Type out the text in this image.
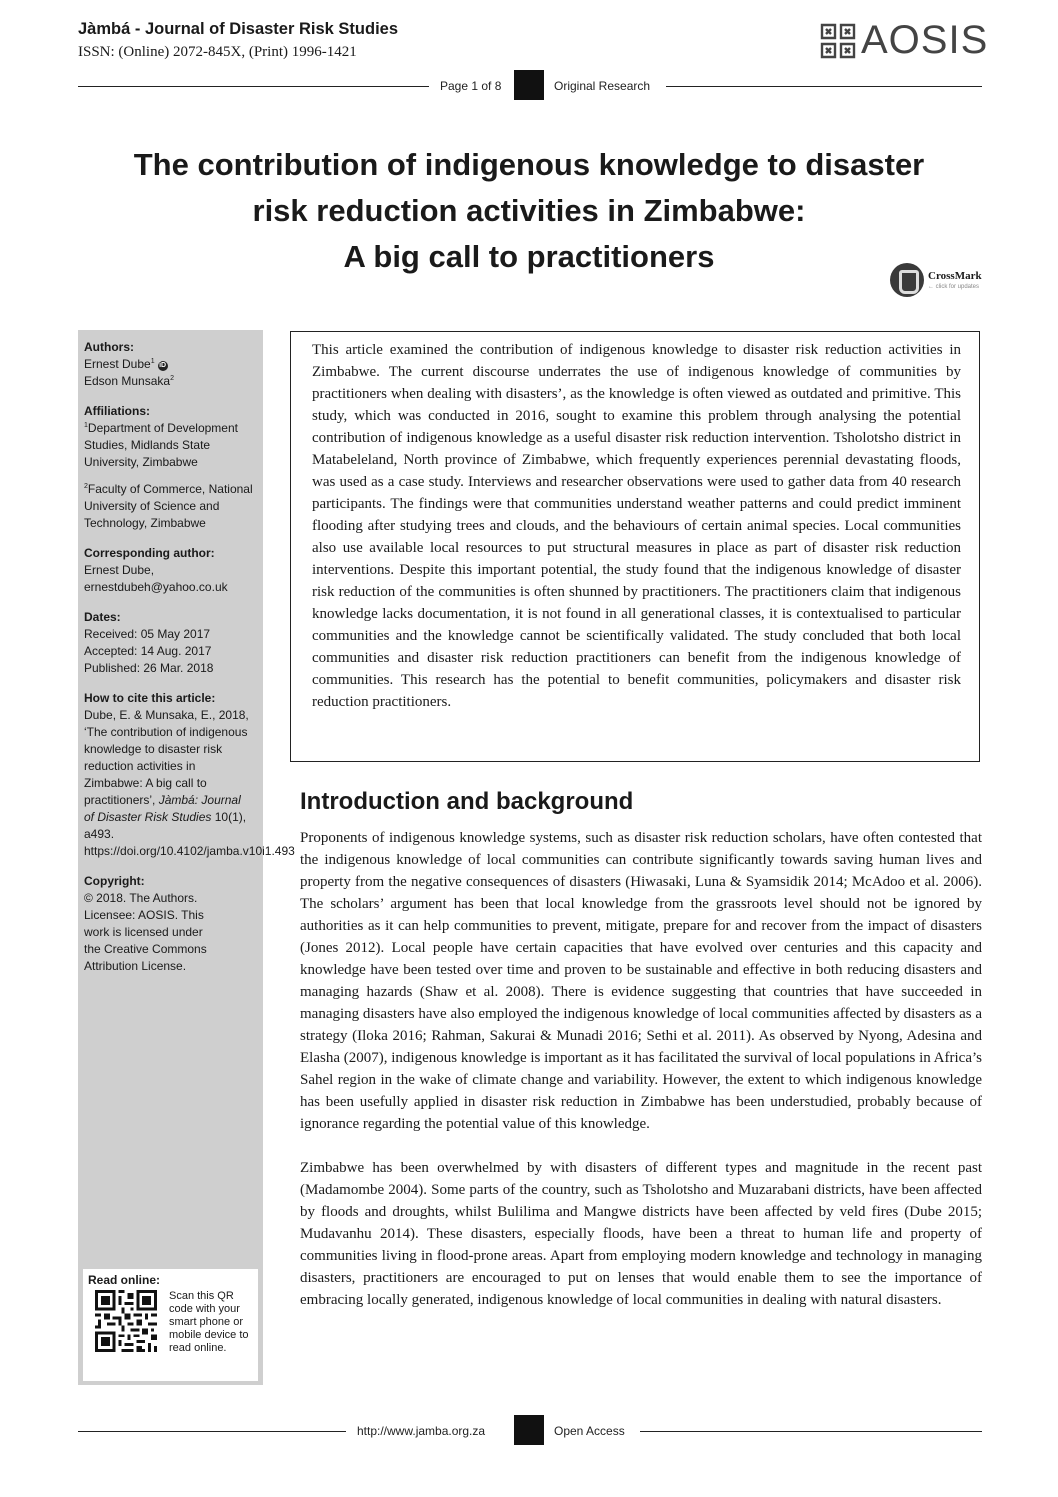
Jàmbá - Journal of Disaster Risk Studies
ISSN: (Online) 2072-845X, (Print) 1996-1421	AOSIS
Page 1 of 8	Original Research
The contribution of indigenous knowledge to disaster
risk reduction activities in Zimbabwe:
A big call to practitioners
CrossMark
← click for updates
Authors:
Ernest Dube$^1$iD
Edson Munsaka$^2$
Affiliations:
$^1$Department of Development Studies, Midlands State University, Zimbabwe
$^2$Faculty of Commerce, National University of Science and Technology, Zimbabwe
Corresponding author:
Ernest Dube,
ernestdubeh@yahoo.co.uk
Dates:
Received: 05 May 2017
Accepted: 14 Aug. 2017
Published: 26 Mar. 2018
How to cite this article:
Dube, E. & Munsaka, E., 2018, ‘The contribution of indigenous knowledge to disaster risk reduction activities in Zimbabwe: A big call to practitioners’, Jàmbá: Journal of Disaster Risk Studies 10(1), a493. https://doi.org/10.4102/jamba.v10i1.493
Copyright:
© 2018. The Authors. Licensee: AOSIS. This work is licensed under the Creative Commons Attribution License.
Read online:
Scan this QR code with your smart phone or mobile device to read online.
This article examined the contribution of indigenous knowledge to disaster risk reduction activities in Zimbabwe. The current discourse underrates the use of indigenous knowledge of communities by practitioners when dealing with disasters’, as the knowledge is often viewed as outdated and primitive. This study, which was conducted in 2016, sought to examine this problem through analysing the potential contribution of indigenous knowledge as a useful disaster risk reduction intervention. Tsholotsho district in Matabeleland, North province of Zimbabwe, which frequently experiences perennial devastating floods, was used as a case study. Interviews and researcher observations were used to gather data from 40 research participants. The findings were that communities understand weather patterns and could predict imminent flooding after studying trees and clouds, and the behaviours of certain animal species. Local communities also use available local resources to put structural measures in place as part of disaster risk reduction interventions. Despite this important potential, the study found that the indigenous knowledge of disaster risk reduction of the communities is often shunned by practitioners. The practitioners claim that indigenous knowledge lacks documentation, it is not found in all generational classes, it is contextualised to particular communities and the knowledge cannot be scientifically validated. The study concluded that both local communities and disaster risk reduction practitioners can benefit from the indigenous knowledge of communities. This research has the potential to benefit communities, policymakers and disaster risk reduction practitioners.
Introduction and background

Proponents of indigenous knowledge systems, such as disaster risk reduction scholars, have often contested that the indigenous knowledge of local communities can contribute significantly towards saving human lives and property from the negative consequences of disasters (Hiwasaki, Luna & Syamsidik 2014; McAdoo et al. 2006). The scholars’ argument has been that local knowledge from the grassroots level should not be ignored by authorities as it can help communities to prevent, mitigate, prepare for and recover from the impact of disasters (Jones 2012). Local people have certain capacities that have evolved over centuries and this capacity and knowledge have been tested over time and proven to be sustainable and effective in both reducing disasters and managing hazards (Shaw et al. 2008). There is evidence suggesting that countries that have succeeded in managing disasters have also employed the indigenous knowledge of local communities affected by disasters as a strategy (Iloka 2016; Rahman, Sakurai & Munadi 2016; Sethi et al. 2011). As observed by Nyong, Adesina and Elasha (2007), indigenous knowledge is important as it has facilitated the survival of local populations in Africa’s Sahel region in the wake of climate change and variability. However, the extent to which indigenous knowledge has been usefully applied in disaster risk reduction in Zimbabwe has been understudied, probably because of ignorance regarding the potential value of this knowledge.

Zimbabwe has been overwhelmed by with disasters of different types and magnitude in the recent past (Madamombe 2004). Some parts of the country, such as Tsholotsho and Muzarabani districts, have been affected by floods and droughts, whilst Bulilima and Mangwe districts have been affected by veld fires (Dube 2015; Mudavanhu 2014). These disasters, especially floods, have been a threat to human life and property of communities living in flood-prone areas. Apart from employing modern knowledge and technology in managing disasters, practitioners are encouraged to put on lenses that would enable them to see the importance of embracing locally generated, indigenous knowledge of local communities in dealing with natural disasters.

http://www.jamba.org.za	Open Access
